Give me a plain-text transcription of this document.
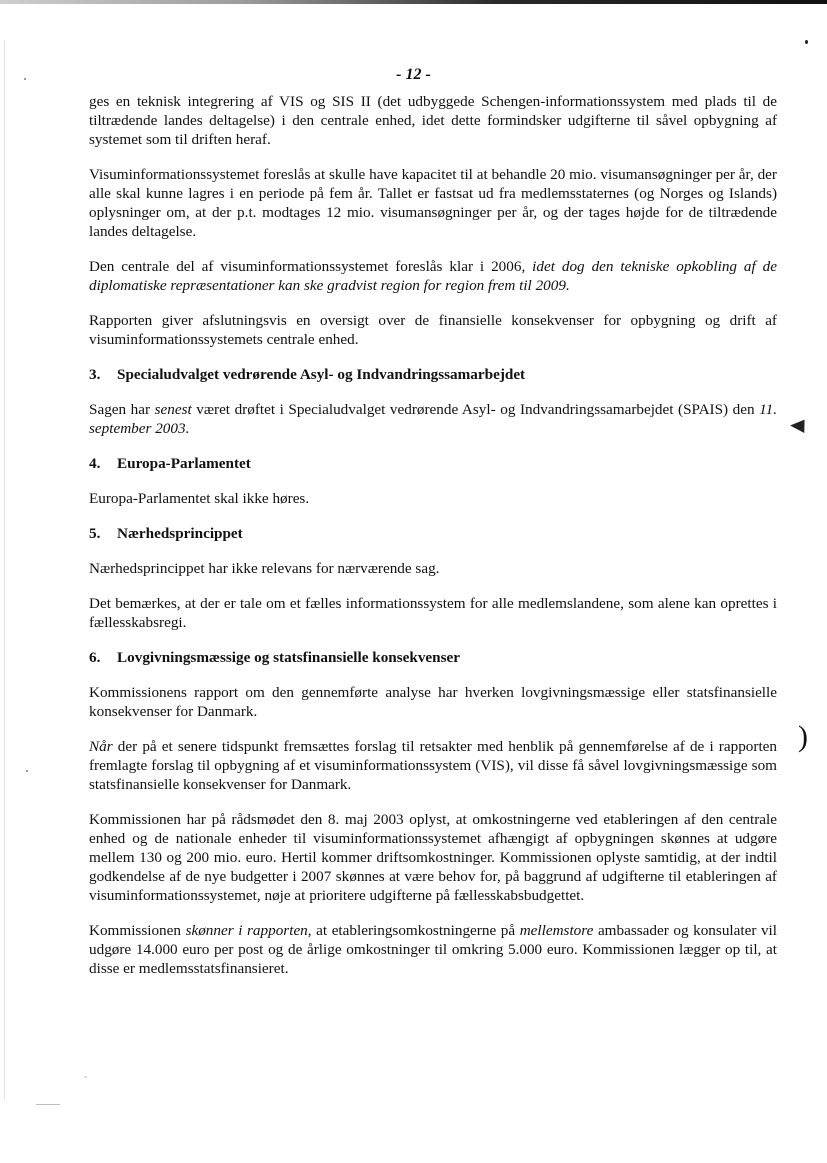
- 12 -

ges en teknisk integrering af VIS og SIS II (det udbyggede Schengen-informationssystem med plads til de tiltrædende landes deltagelse) i den centrale enhed, idet dette formindsker udgifterne til såvel opbygning af systemet som til driften heraf.

Visuminformationssystemet foreslås at skulle have kapacitet til at behandle 20 mio. visumansøgninger per år, der alle skal kunne lagres i en periode på fem år. Tallet er fastsat ud fra medlemsstaternes (og Norges og Islands) oplysninger om, at der p.t. modtages 12 mio. visumansøgninger per år, og der tages højde for de tiltrædende landes deltagelse.

Den centrale del af visuminformationssystemet foreslås klar i 2006, idet dog den tekniske opkobling af de diplomatiske repræsentationer kan ske gradvist region for region frem til 2009.

Rapporten giver afslutningsvis en oversigt over de finansielle konsekvenser for opbygning og drift af visuminformationssystemets centrale enhed.

3. Specialudvalget vedrørende Asyl- og Indvandringssamarbejdet

Sagen har senest været drøftet i Specialudvalget vedrørende Asyl- og Indvandringssamarbejdet (SPAIS) den 11. september 2003.

4. Europa-Parlamentet

Europa-Parlamentet skal ikke høres.

5. Nærhedsprincippet

Nærhedsprincippet har ikke relevans for nærværende sag.

Det bemærkes, at der er tale om et fælles informationssystem for alle medlemslandene, som alene kan oprettes i fællesskabsregi.

6. Lovgivningsmæssige og statsfinansielle konsekvenser

Kommissionens rapport om den gennemførte analyse har hverken lovgivningsmæssige eller statsfinansielle konsekvenser for Danmark.

Når der på et senere tidspunkt fremsættes forslag til retsakter med henblik på gennemførelse af de i rapporten fremlagte forslag til opbygning af et visuminformationssystem (VIS), vil disse få såvel lovgivningsmæssige som statsfinansielle konsekvenser for Danmark.

Kommissionen har på rådsmødet den 8. maj 2003 oplyst, at omkostningerne ved etableringen af den centrale enhed og de nationale enheder til visuminformationssystemet afhængigt af opbygningen skønnes at udgøre mellem 130 og 200 mio. euro. Hertil kommer driftsomkostninger. Kommissionen oplyste samtidig, at der indtil godkendelse af de nye budgetter i 2007 skønnes at være behov for, på baggrund af udgifterne til etableringen af visuminformationssystemet, nøje at prioritere udgifterne på fællesskabsbudgettet.

Kommissionen skønner i rapporten, at etableringsomkostningerne på mellemstore ambassader og konsulater vil udgøre 14.000 euro per post og de årlige omkostninger til omkring 5.000 euro. Kommissionen lægger op til, at disse er medlemsstatsfinansieret.

)
ˋ
